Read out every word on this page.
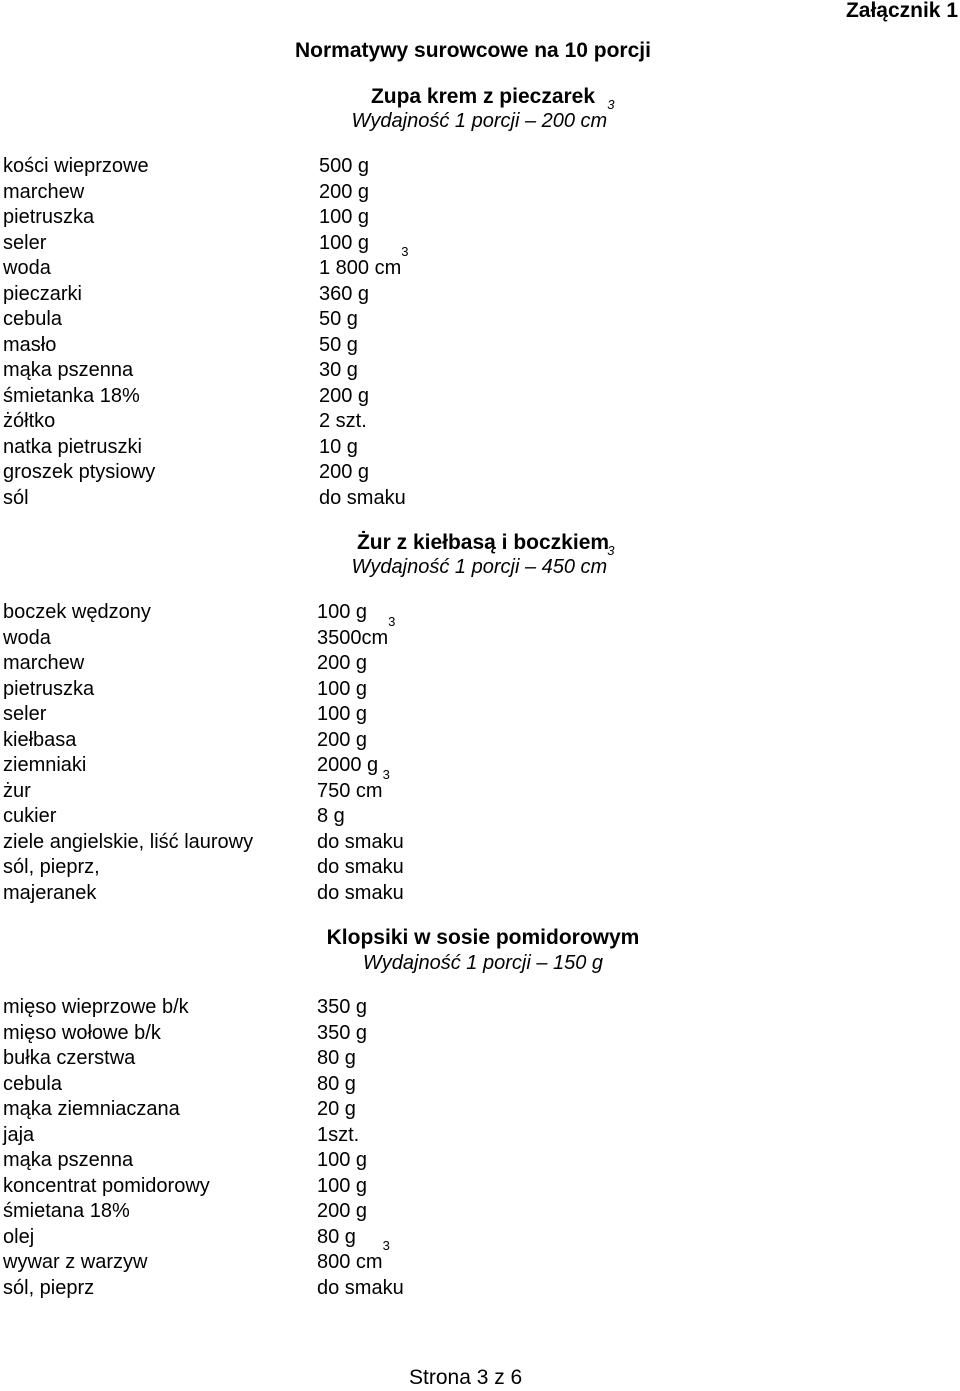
Załącznik 1
Normatywy surowcowe na 10 porcji
Zupa krem z pieczarek
Wydajność 1 porcji – 200 $cm^3$
kości wieprzowe	500 g
marchew	200 g
pietruszka	100 g
seler	100 g
woda	1 800 $cm^3$
pieczarki	360 g
cebula	50 g
masło	50 g
mąka pszenna	30 g
śmietanka 18%	200 g
żółtko	2 szt.
natka pietruszki	10 g
groszek ptysiowy	200 g
sól	do smaku
Żur z kiełbasą i boczkiem
Wydajność 1 porcji – 450 $cm^3$
boczek wędzony	100 g
woda	$3500cm^3$
marchew	200 g
pietruszka	100 g
seler	100 g
kiełbasa	200 g
ziemniaki	2000 g
żur	750 $cm^3$
cukier	8 g
ziele angielskie, liść laurowy	do smaku
sól, pieprz,	do smaku
majeranek	do smaku
Klopsiki w sosie pomidorowym
Wydajność 1 porcji – 150 g
mięso wieprzowe b/k	350 g
mięso wołowe b/k	350 g
bułka czerstwa	80 g
cebula	80 g
mąka ziemniaczana	20 g
jaja	1szt.
mąka pszenna	100 g
koncentrat pomidorowy	100 g
śmietana 18%	200 g
olej	80 g
wywar z warzyw	800 $cm^3$
sól, pieprz	do smaku
Strona 3 z 6
